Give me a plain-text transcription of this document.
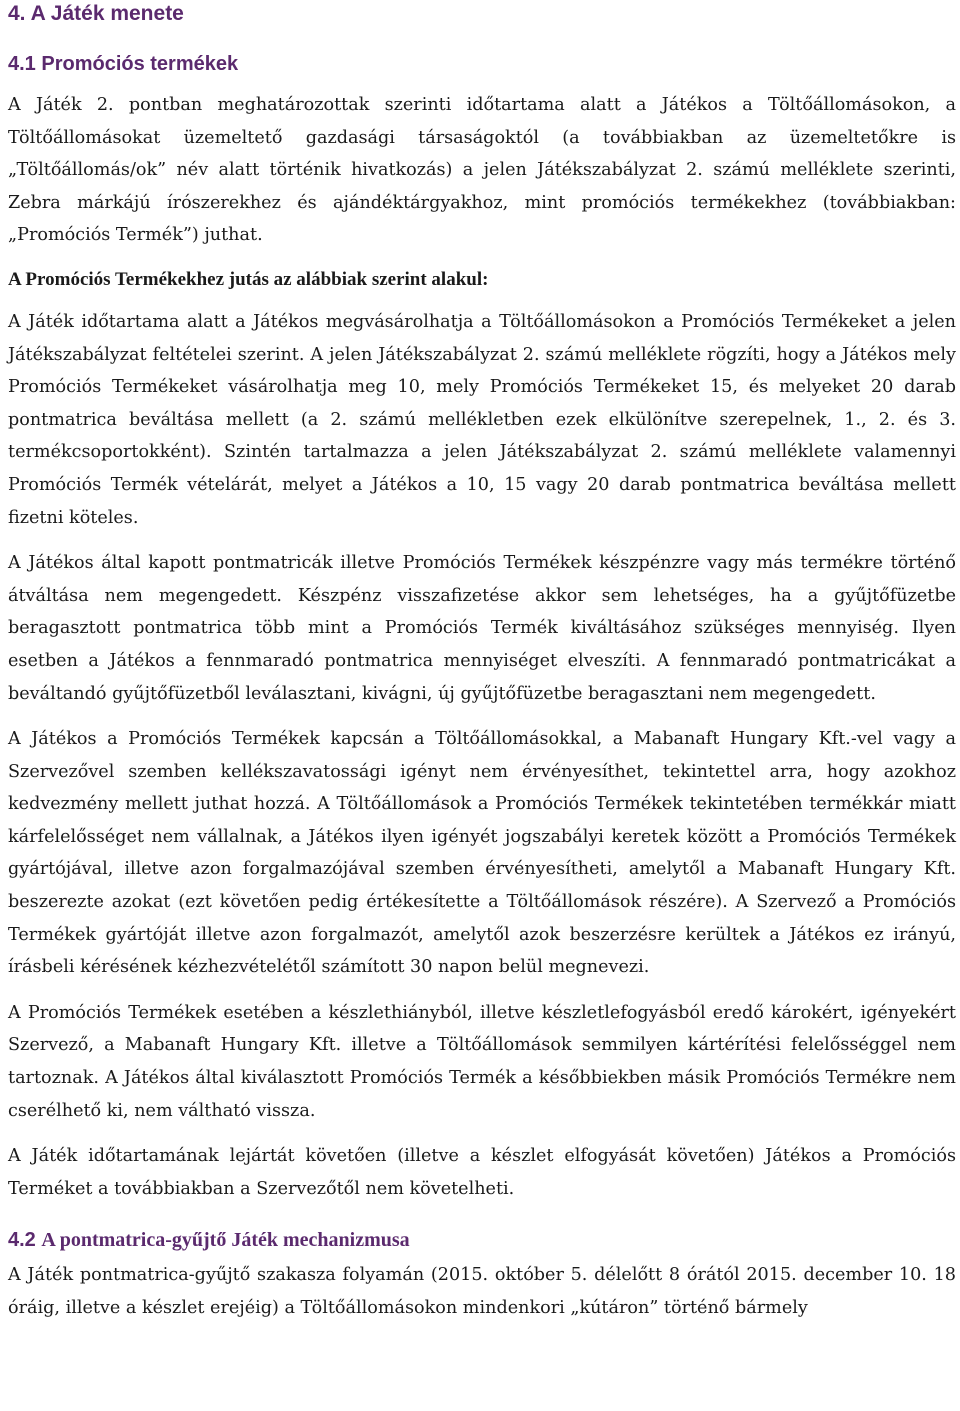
4. A Játék menete
4.1 Promóciós termékek

A Játék 2. pontban meghatározottak szerinti időtartama alatt a Játékos a Töltőállomásokon, a Töltőállomásokat üzemeltető gazdasági társaságoktól (a továbbiakban az üzemeltetőkre is „Töltőállomás/ok” név alatt történik hivatkozás) a jelen Játékszabályzat 2. számú melléklete szerinti, Zebra márkájú írószerekhez és ajándéktárgyakhoz, mint promóciós termékekhez (továbbiakban: „Promóciós Termék”) juthat.

A Promóciós Termékekhez jutás az alábbiak szerint alakul:

A Játék időtartama alatt a Játékos megvásárolhatja a Töltőállomásokon a Promóciós Termékeket a jelen Játékszabályzat feltételei szerint. A jelen Játékszabályzat 2. számú melléklete rögzíti, hogy a Játékos mely Promóciós Termékeket vásárolhatja meg 10, mely Promóciós Termékeket 15, és melyeket 20 darab pontmatrica beváltása mellett (a 2. számú mellékletben ezek elkülönítve szerepelnek, 1., 2. és 3. termékcsoportokként). Szintén tartalmazza a jelen Játékszabályzat 2. számú melléklete valamennyi Promóciós Termék vételárát, melyet a Játékos a 10, 15 vagy 20 darab pontmatrica beváltása mellett fizetni köteles.

A Játékos által kapott pontmatricák illetve Promóciós Termékek készpénzre vagy más termékre történő átváltása nem megengedett. Készpénz visszafizetése akkor sem lehetséges, ha a gyűjtőfüzetbe beragasztott pontmatrica több mint a Promóciós Termék kiváltásához szükséges mennyiség. Ilyen esetben a Játékos a fennmaradó pontmatrica mennyiséget elveszíti. A fennmaradó pontmatricákat a beváltandó gyűjtőfüzetből leválasztani, kivágni, új gyűjtőfüzetbe beragasztani nem megengedett.

A Játékos a Promóciós Termékek kapcsán a Töltőállomásokkal, a Mabanaft Hungary Kft.-vel vagy a Szervezővel szemben kellékszavatossági igényt nem érvényesíthet, tekintettel arra, hogy azokhoz kedvezmény mellett juthat hozzá. A Töltőállomások a Promóciós Termékek tekintetében termékkár miatt kárfelelősséget nem vállalnak, a Játékos ilyen igényét jogszabályi keretek között a Promóciós Termékek gyártójával, illetve azon forgalmazójával szemben érvényesítheti, amelytől a Mabanaft Hungary Kft. beszerezte azokat (ezt követően pedig értékesítette a Töltőállomások részére). A Szervező a Promóciós Termékek gyártóját illetve azon forgalmazót, amelytől azok beszerzésre kerültek a Játékos ez irányú, írásbeli kérésének kézhezvételétől számított 30 napon belül megnevezi.

A Promóciós Termékek esetében a készlethiányból, illetve készletlefogyásból eredő károkért, igényekért Szervező, a Mabanaft Hungary Kft. illetve a Töltőállomások semmilyen kártérítési felelősséggel nem tartoznak. A Játékos által kiválasztott Promóciós Termék a későbbiekben másik Promóciós Termékre nem cserélhető ki, nem váltható vissza.

A Játék időtartamának lejártát követően (illetve a készlet elfogyását követően) Játékos a Promóciós Terméket a továbbiakban a Szervezőtől nem követelheti.

4.2 A pontmatrica-gyűjtő Játék mechanizmusa

A Játék pontmatrica-gyűjtő szakasza folyamán (2015. október 5. délelőtt 8 órától 2015. december 10. 18 óráig, illetve a készlet erejéig) a Töltőállomásokon mindenkori „kútáron” történő bármely
